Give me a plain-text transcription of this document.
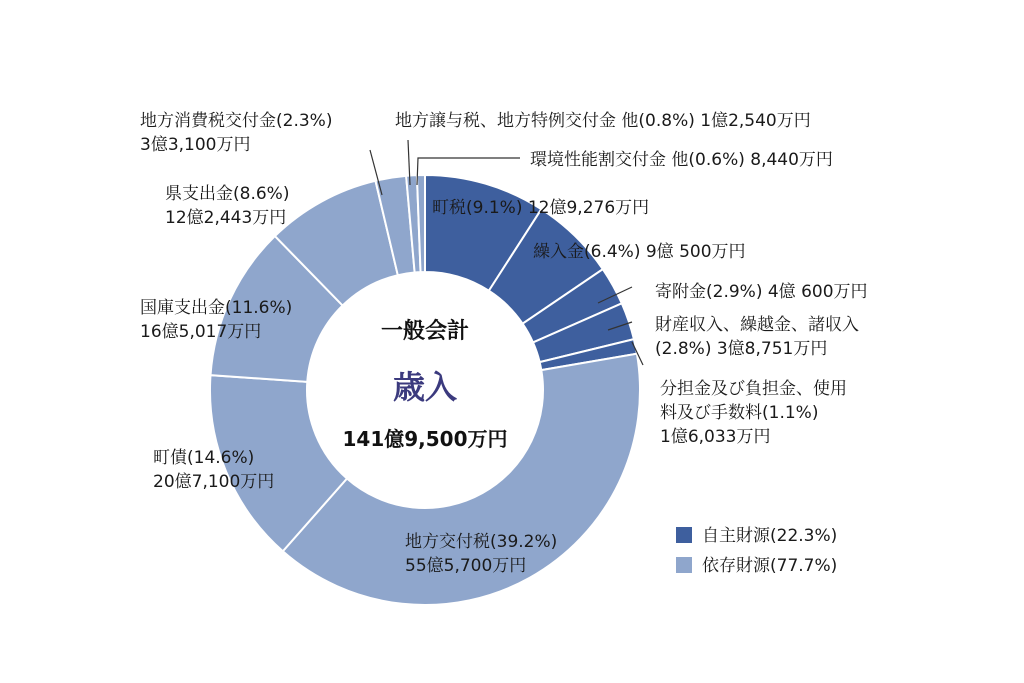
町税(9.1%) 12億9,276万円
繰入金(6.4%) 9億 500万円
寄附金(2.9%) 4億 600万円
財産収入、繰越金、諸収入
(2.8%) 3億8,751万円
分担金及び負担金、使用
料及び手数料(1.1%)
1億6,033万円
地方交付税(39.2%)
55億5,700万円
町債(14.6%)
20億7,100万円
国庫支出金(11.6%)
16億5,017万円
県支出金(8.6%)
12億2,443万円
地方消費税交付金(2.3%)
3億3,100万円
地方譲与税、地方特例交付金 他(0.8%) 1億2,540万円
環境性能割交付金 他(0.6%) 8,440万円
一般会計
歳入
141億9,500万円
自主財源(22.3%)
依存財源(77.7%)
